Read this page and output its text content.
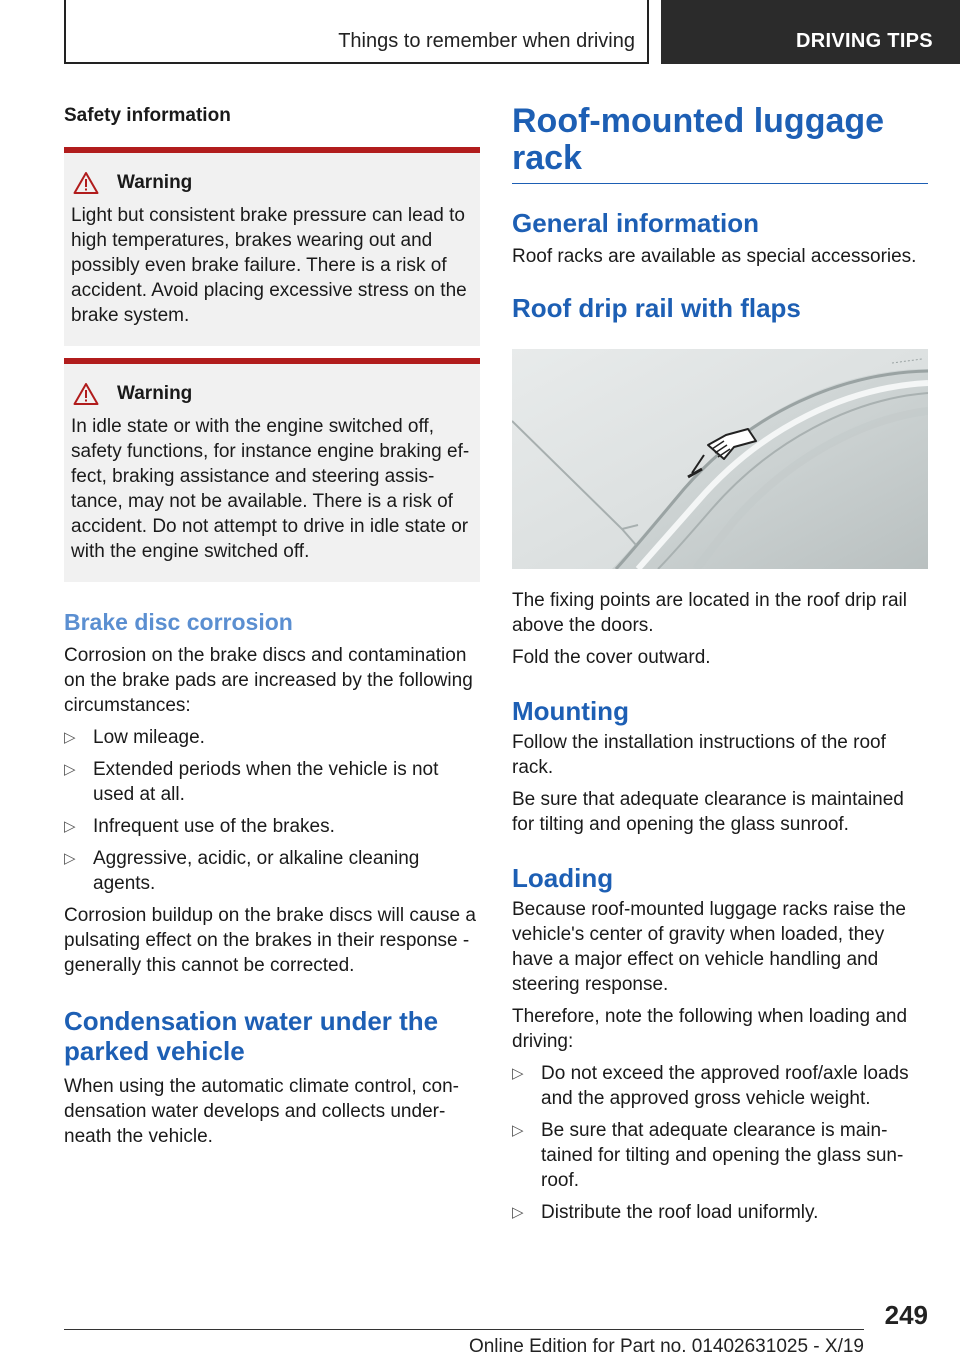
Things to remember when driving	DRIVING TIPS
Safety information
Warning
Light but consistent brake pressure can lead to high temperatures, brakes wearing out and possibly even brake failure. There is a risk of accident. Avoid placing excessive stress on the brake system.
Warning
In idle state or with the engine switched off, safety functions, for instance engine braking effect, braking assistance and steering assistance, may not be available. There is a risk of accident. Do not attempt to drive in idle state or with the engine switched off.
Brake disc corrosion
Corrosion on the brake discs and contamination on the brake pads are increased by the following circumstances:
▷ Low mileage.
▷ Extended periods when the vehicle is not used at all.
▷ Infrequent use of the brakes.
▷ Aggressive, acidic, or alkaline cleaning agents.
Corrosion buildup on the brake discs will cause a pulsating effect on the brakes in their response - generally this cannot be corrected.
Condensation water under the parked vehicle
When using the automatic climate control, condensation water develops and collects underneath the vehicle.
Roof-mounted luggage rack
General information
Roof racks are available as special accessories.
Roof drip rail with flaps
The fixing points are located in the roof drip rail above the doors.
Fold the cover outward.
Mounting
Follow the installation instructions of the roof rack.
Be sure that adequate clearance is maintained for tilting and opening the glass sunroof.
Loading
Because roof-mounted luggage racks raise the vehicle's center of gravity when loaded, they have a major effect on vehicle handling and steering response.
Therefore, note the following when loading and driving:
▷ Do not exceed the approved roof/axle loads and the approved gross vehicle weight.
▷ Be sure that adequate clearance is maintained for tilting and opening the glass sunroof.
▷ Distribute the roof load uniformly.
249
Online Edition for Part no. 01402631025 - X/19
